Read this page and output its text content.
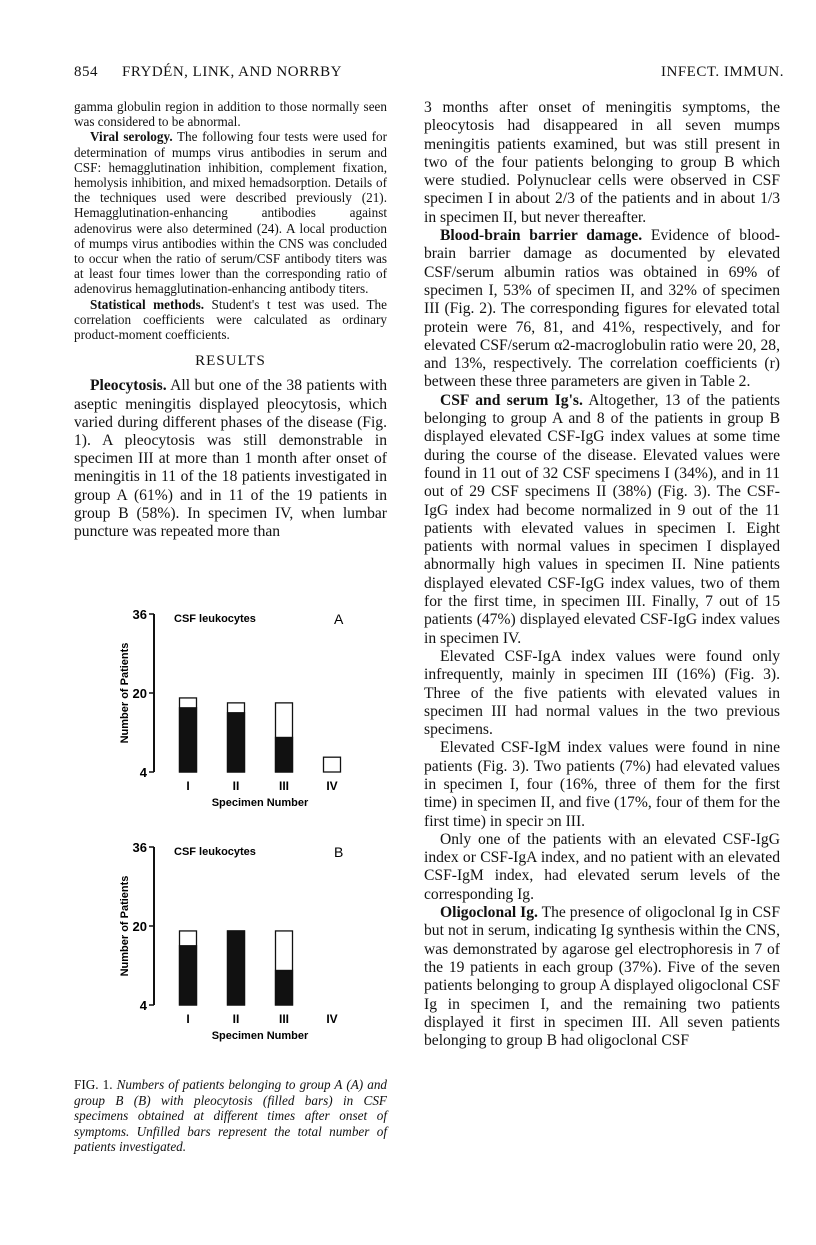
854 FRYDÉN, LINK, AND NORRBY	INFECT. IMMUN.

gamma globulin region in addition to those normally seen was considered to be abnormal.

Viral serology. The following four tests were used for determination of mumps virus antibodies in serum and CSF: hemagglutination inhibition, complement fixation, hemolysis inhibition, and mixed hemadsorption. Details of the techniques used were described previously (21). Hemagglutination-enhancing antibodies against adenovirus were also determined (24). A local production of mumps virus antibodies within the CNS was concluded to occur when the ratio of serum/CSF antibody titers was at least four times lower than the corresponding ratio of adenovirus hemagglutination-enhancing antibody titers.

Statistical methods. Student's t test was used. The correlation coefficients were calculated as ordinary product-moment coefficients.

RESULTS

Pleocytosis. All but one of the 38 patients with aseptic meningitis displayed pleocytosis, which varied during different phases of the disease (Fig. 1). A pleocytosis was still demonstrable in specimen III at more than 1 month after onset of meningitis in 11 of the 18 patients investigated in group A (61%) and in 11 of the 19 patients in group B (58%). In specimen IV, when lumbar puncture was repeated more than

3 months after onset of meningitis symptoms, the pleocytosis had disappeared in all seven mumps meningitis patients examined, but was still present in two of the four patients belonging to group B which were studied. Polynuclear cells were observed in CSF specimen I in about 2/3 of the patients and in about 1/3 in specimen II, but never thereafter.

Blood-brain barrier damage. Evidence of blood-brain barrier damage as documented by elevated CSF/serum albumin ratios was obtained in 69% of specimen I, 53% of specimen II, and 32% of specimen III (Fig. 2). The corresponding figures for elevated total protein were 76, 81, and 41%, respectively, and for elevated CSF/serum α2-macroglobulin ratio were 20, 28, and 13%, respectively. The correlation coefficients (r) between these three parameters are given in Table 2.

CSF and serum Ig's. Altogether, 13 of the patients belonging to group A and 8 of the patients in group B displayed elevated CSF-IgG index values at some time during the course of the disease. Elevated values were found in 11 out of 32 CSF specimens I (34%), and in 11 out of 29 CSF specimens II (38%) (Fig. 3). The CSF-IgG index had become normalized in 9 out of the 11 patients with elevated values in specimen I. Eight patients with normal values in specimen I displayed abnormally high values in specimen II. Nine patients displayed elevated CSF-IgG index values, two of them for the first time, in specimen III. Finally, 7 out of 15 patients (47%) displayed elevated CSF-IgG index values in specimen IV.

Elevated CSF-IgA index values were found only infrequently, mainly in specimen III (16%) (Fig. 3). Three of the five patients with elevated values in specimen III had normal values in the two previous specimens.

Elevated CSF-IgM index values were found in nine patients (Fig. 3). Two patients (7%) had elevated values in specimen I, four (16%, three of them for the first time) in specimen II, and five (17%, four of them for the first time) in specir ɔn III.

Only one of the patients with an elevated CSF-IgG index or CSF-IgA index, and no patient with an elevated CSF-IgM index, had elevated serum levels of the corresponding Ig.

Oligoclonal Ig. The presence of oligoclonal Ig in CSF but not in serum, indicating Ig synthesis within the CNS, was demonstrated by agarose gel electrophoresis in 7 of the 19 patients in each group (37%). Five of the seven patients belonging to group A displayed oligoclonal CSF Ig in specimen I, and the remaining two patients displayed it first in specimen III. All seven patients belonging to group B had oligoclonal CSF

4
20
36
Number of Patients
CSF leukocytes	A
I	II	III	IV
Specimen Number
4
20
36
Number of Patients
CSF leukocytes	B
I	II	III	IV
Specimen Number
FIG. 1. Numbers of patients belonging to group A (A) and group B (B) with pleocytosis (filled bars) in CSF specimens obtained at different times after onset of symptoms. Unfilled bars represent the total number of patients investigated.
